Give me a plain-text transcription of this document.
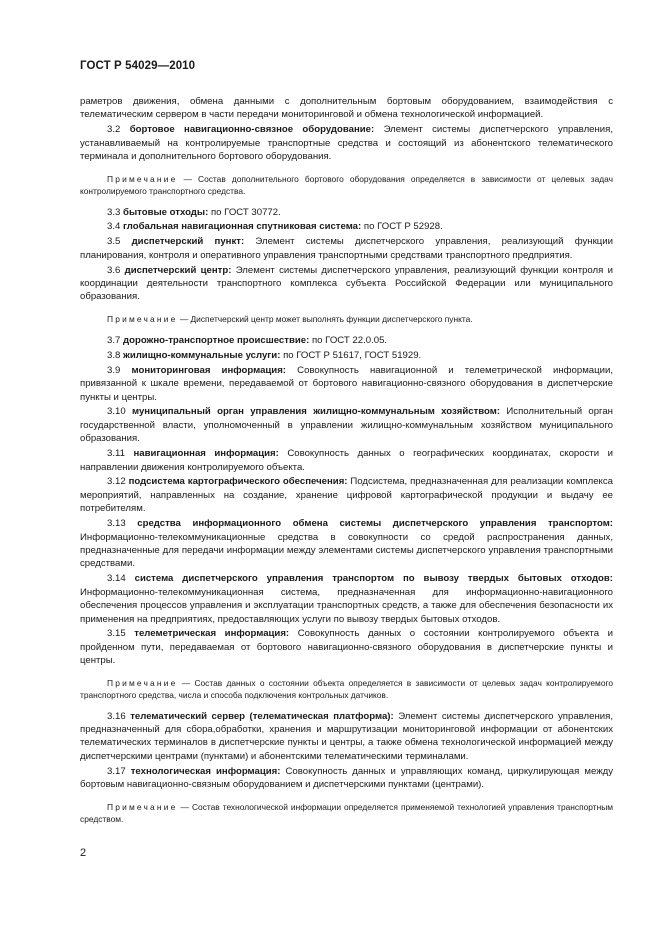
ГОСТ Р 54029—2010

раметров движения, обмена данными с дополнительным бортовым оборудованием, взаимодействия с телематическим сервером в части передачи мониторинговой и обмена технологической информацией.

3.2 бортовое навигационно-связное оборудование: Элемент системы диспетчерского управления, устанавливаемый на контролируемые транспортные средства и состоящий из абонентского телематического терминала и дополнительного бортового оборудования.

Примечание — Состав дополнительного бортового оборудования определяется в зависимости от целевых задач контролируемого транспортного средства.

3.3 бытовые отходы: по ГОСТ 30772.

3.4 глобальная навигационная спутниковая система: по ГОСТ Р 52928.

3.5 диспетчерский пункт: Элемент системы диспетчерского управления, реализующий функции планирования, контроля и оперативного управления транспортными средствами транспортного предприятия.

3.6 диспетчерский центр: Элемент системы диспетчерского управления, реализующий функции контроля и координации деятельности транспортного комплекса субъекта Российской Федерации или муниципального образования.

Примечание — Диспетчерский центр может выполнять функции диспетчерского пункта.

3.7 дорожно-транспортное происшествие: по ГОСТ 22.0.05.

3.8 жилищно-коммунальные услуги: по ГОСТ Р 51617, ГОСТ 51929.

3.9 мониторинговая информация: Совокупность навигационной и телеметрической информации, привязанной к шкале времени, передаваемой от бортового навигационно-связного оборудования в диспетчерские пункты и центры.

3.10 муниципальный орган управления жилищно-коммунальным хозяйством: Исполнительный орган государственной власти, уполномоченный в управлении жилищно-коммунальным хозяйством муниципального образования.

3.11 навигационная информация: Совокупность данных о географических координатах, скорости и направлении движения контролируемого объекта.

3.12 подсистема картографического обеспечения: Подсистема, предназначенная для реализации комплекса мероприятий, направленных на создание, хранение цифровой картографической продукции и выдачу ее потребителям.

3.13 средства информационного обмена системы диспетчерского управления транспортом: Информационно-телекоммуникационные средства в совокупности со средой распространения данных, предназначенные для передачи информации между элементами системы диспетчерского управления транспортными средствами.

3.14 система диспетчерского управления транспортом по вывозу твердых бытовых отходов: Информационно-телекоммуникационная система, предназначенная для информационно-навигационного обеспечения процессов управления и эксплуатации транспортных средств, а также для обеспечения безопасности их применения на предприятиях, предоставляющих услуги по вывозу твердых бытовых отходов.

3.15 телеметрическая информация: Совокупность данных о состоянии контролируемого объекта и пройденном пути, передаваемая от бортового навигационно-связного оборудования в диспетчерские пункты и центры.

Примечание — Состав данных о состоянии объекта определяется в зависимости от целевых задач контролируемого транспортного средства, числа и способа подключения контрольных датчиков.

3.16 телематический сервер (телематическая платформа): Элемент системы диспетчерского управления, предназначенный для сбора,обработки, хранения и маршрутизации мониторинговой информации от абонентских телематических терминалов в диспетчерские пункты и центры, а также обмена технологической информацией между диспетчерскими центрами (пунктами) и абонентскими телематическими терминалами.

3.17 технологическая информация: Совокупность данных и управляющих команд, циркулирующая между бортовым навигационно-связным оборудованием и диспетчерскими пунктами (центрами).

Примечание — Состав технологической информации определяется применяемой технологией управления транспортным средством.

2
